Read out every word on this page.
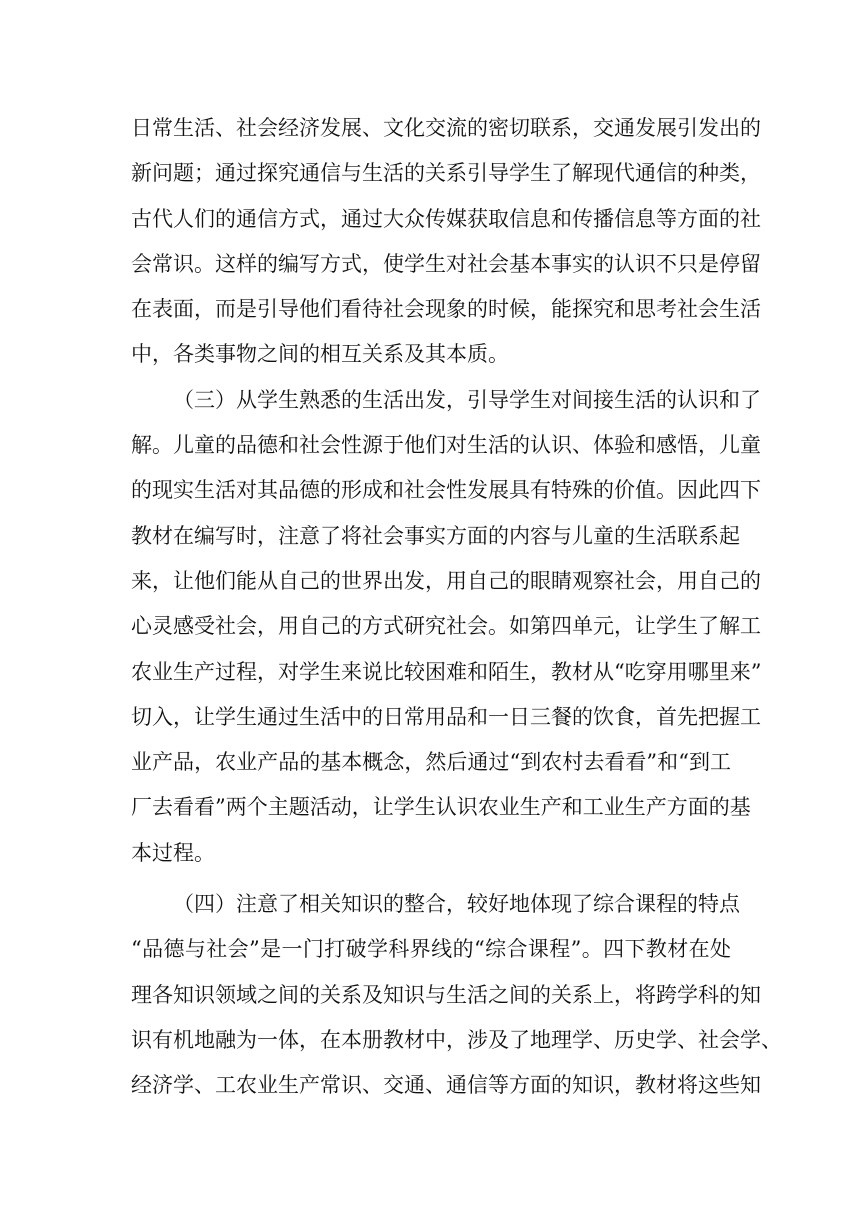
日常生活、社会经济发展、文化交流的密切联系，交通发展引发出的
新问题；通过探究通信与生活的关系引导学生了解现代通信的种类，
古代人们的通信方式，通过大众传媒获取信息和传播信息等方面的社
会常识。这样的编写方式，使学生对社会基本事实的认识不只是停留
在表面，而是引导他们看待社会现象的时候，能探究和思考社会生活
中，各类事物之间的相互关系及其本质。
（三）从学生熟悉的生活出发，引导学生对间接生活的认识和了
解。儿童的品德和社会性源于他们对生活的认识、体验和感悟，儿童
的现实生活对其品德的形成和社会性发展具有特殊的价值。因此四下
教材在编写时，注意了将社会事实方面的内容与儿童的生活联系起
来，让他们能从自己的世界出发，用自己的眼睛观察社会，用自己的
心灵感受社会，用自己的方式研究社会。如第四单元，让学生了解工
农业生产过程，对学生来说比较困难和陌生，教材从“吃穿用哪里来”
切入，让学生通过生活中的日常用品和一日三餐的饮食，首先把握工
业产品，农业产品的基本概念，然后通过“到农村去看看”和“到工
厂去看看”两个主题活动，让学生认识农业生产和工业生产方面的基
本过程。
（四）注意了相关知识的整合，较好地体现了综合课程的特点
“品德与社会”是一门打破学科界线的“综合课程”。四下教材在处
理各知识领域之间的关系及知识与生活之间的关系上，将跨学科的知
识有机地融为一体，在本册教材中，涉及了地理学、历史学、社会学、
经济学、工农业生产常识、交通、通信等方面的知识，教材将这些知
